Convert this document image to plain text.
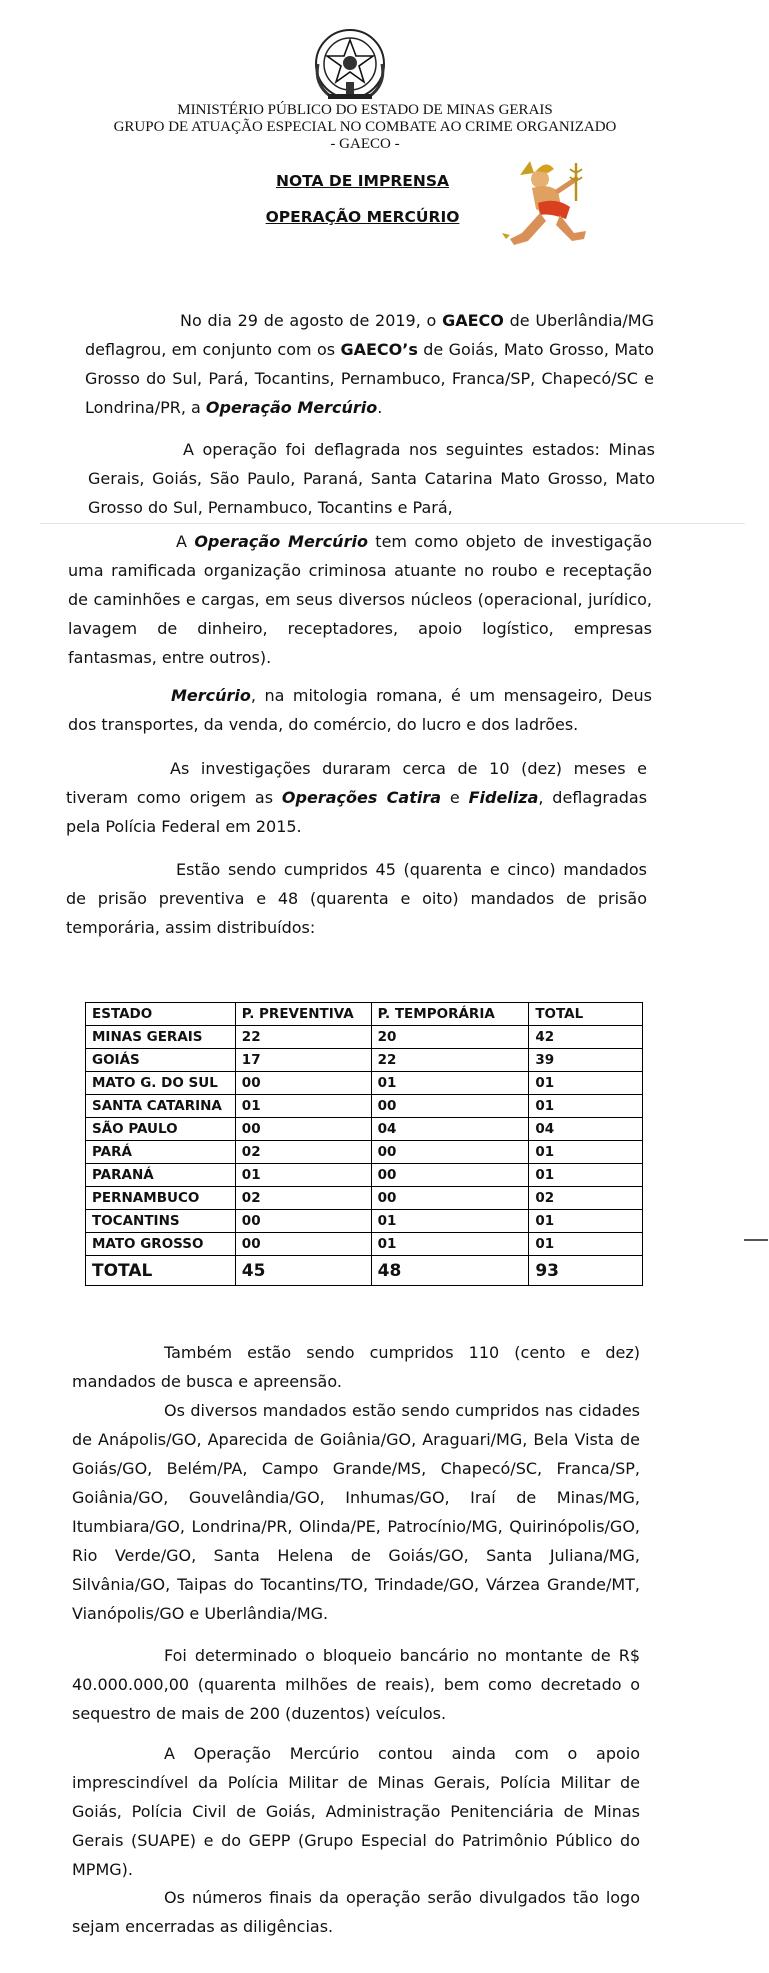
MINISTÉRIO PÚBLICO DO ESTADO DE MINAS GERAIS
GRUPO DE ATUAÇÃO ESPECIAL NO COMBATE AO CRIME ORGANIZADO
- GAECO -
NOTA DE IMPRENSA
OPERAÇÃO MERCÚRIO
No dia 29 de agosto de 2019, o GAECO de Uberlândia/MG deflagrou, em conjunto com os GAECO’s de Goiás, Mato Grosso, Mato Grosso do Sul, Pará, Tocantins, Pernambuco, Franca/SP, Chapecó/SC e Londrina/PR, a Operação Mercúrio.
A operação foi deflagrada nos seguintes estados: Minas Gerais, Goiás, São Paulo, Paraná, Santa Catarina Mato Grosso, Mato Grosso do Sul, Pernambuco, Tocantins e Pará,
A Operação Mercúrio tem como objeto de investigação uma ramificada organização criminosa atuante no roubo e receptação de caminhões e cargas, em seus diversos núcleos (operacional, jurídico, lavagem de dinheiro, receptadores, apoio logístico, empresas fantasmas, entre outros).
Mercúrio, na mitologia romana, é um mensageiro, Deus dos transportes, da venda, do comércio, do lucro e dos ladrões.
As investigações duraram cerca de 10 (dez) meses e tiveram como origem as Operações Catira e Fideliza, deflagradas pela Polícia Federal em 2015.
Estão sendo cumpridos 45 (quarenta e cinco) mandados de prisão preventiva e 48 (quarenta e oito) mandados de prisão temporária, assim distribuídos:
ESTADO	P. PREVENTIVA	P. TEMPORÁRIA	TOTAL
MINAS GERAIS	22	20	42
GOIÁS	17	22	39
MATO G. DO SUL	00	01	01
SANTA CATARINA	01	00	01
SÃO PAULO	00	04	04
PARÁ	02	00	01
PARANÁ	01	00	01
PERNAMBUCO	02	00	02
TOCANTINS	00	01	01
MATO GROSSO	00	01	01
TOTAL	45	48	93
Também estão sendo cumpridos 110 (cento e dez) mandados de busca e apreensão.
Os diversos mandados estão sendo cumpridos nas cidades de Anápolis/GO, Aparecida de Goiânia/GO, Araguari/MG, Bela Vista de Goiás/GO, Belém/PA, Campo Grande/MS, Chapecó/SC, Franca/SP, Goiânia/GO, Gouvelândia/GO, Inhumas/GO, Iraí de Minas/MG, Itumbiara/GO, Londrina/PR, Olinda/PE, Patrocínio/MG, Quirinópolis/GO, Rio Verde/GO, Santa Helena de Goiás/GO, Santa Juliana/MG, Silvânia/GO, Taipas do Tocantins/TO, Trindade/GO, Várzea Grande/MT, Vianópolis/GO e Uberlândia/MG.
Foi determinado o bloqueio bancário no montante de R$ 40.000.000,00 (quarenta milhões de reais), bem como decretado o sequestro de mais de 200 (duzentos) veículos.
A Operação Mercúrio contou ainda com o apoio imprescindível da Polícia Militar de Minas Gerais, Polícia Militar de Goiás, Polícia Civil de Goiás, Administração Penitenciária de Minas Gerais (SUAPE) e do GEPP (Grupo Especial do Patrimônio Público do MPMG).
Os números finais da operação serão divulgados tão logo sejam encerradas as diligências.
